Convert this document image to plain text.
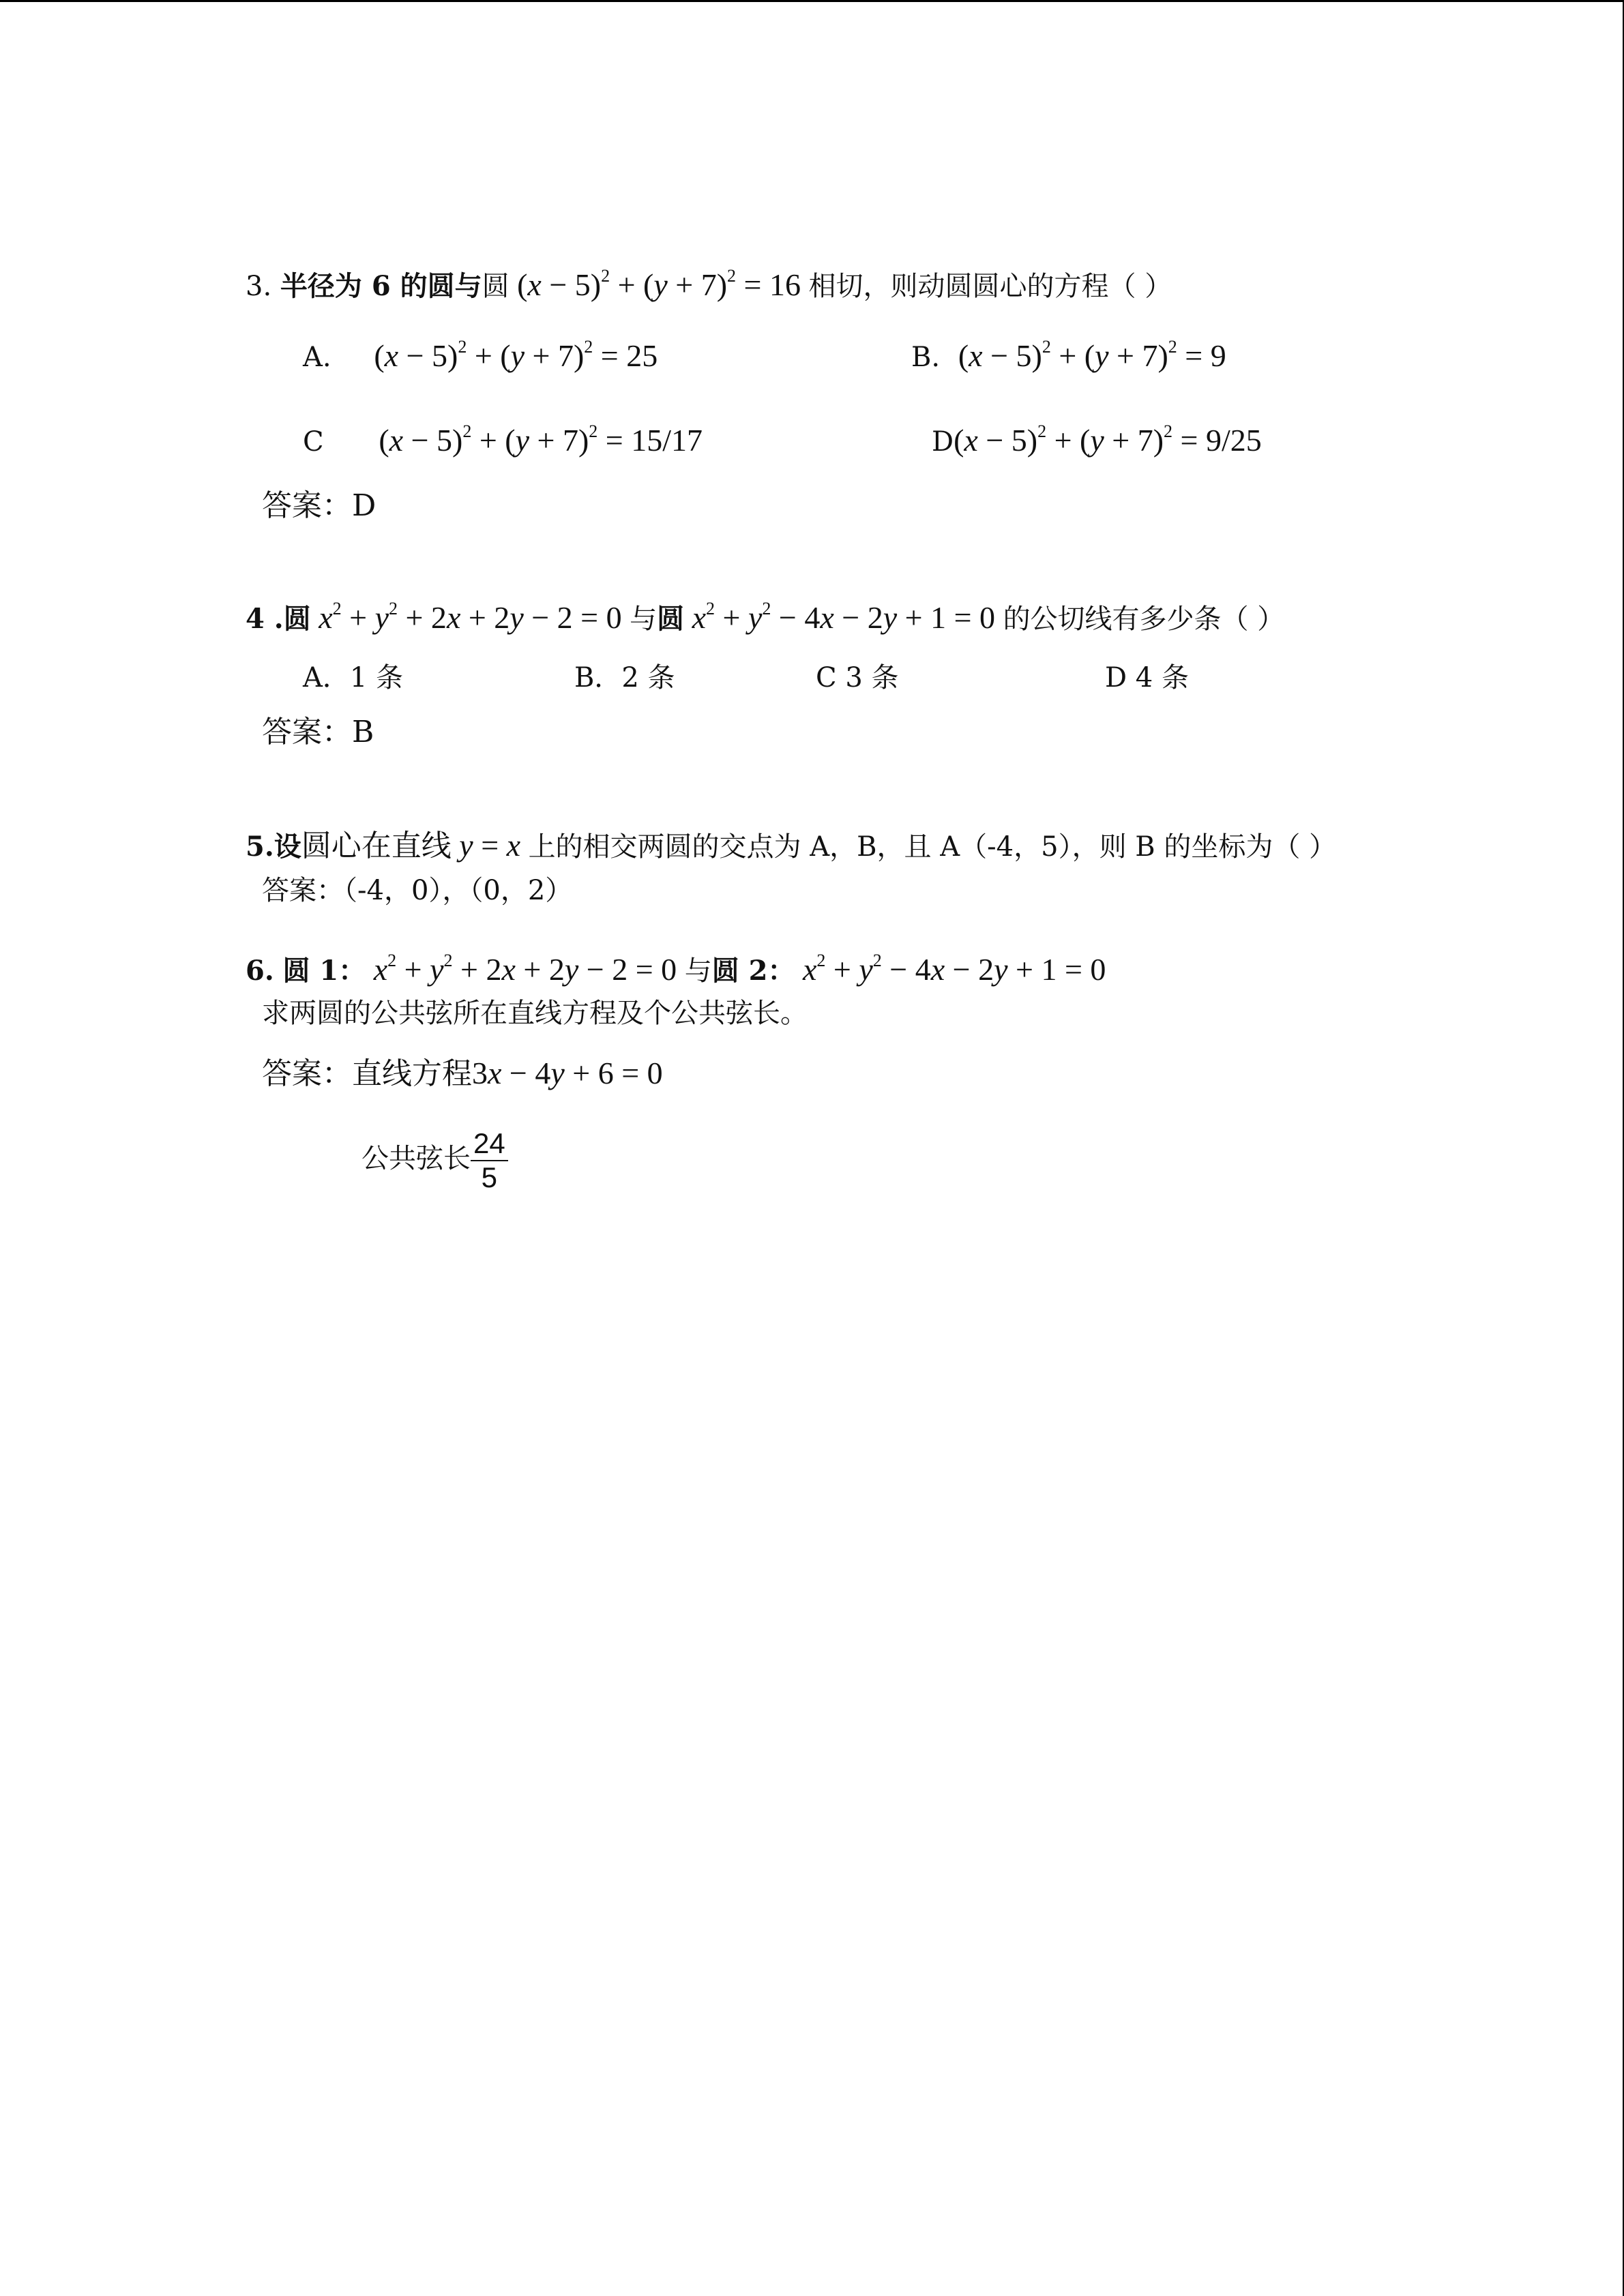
3. 半径为 6 的圆与圆 $(x - 5)^2 + (y + 7)^2 = 16$ 相切，则动圆圆心的方程（ ）
A. $(x - 5)^2 + (y + 7)^2 = 25$	B. $(x - 5)^2 + (y + 7)^2 = 9$
C $(x - 5)^2 + (y + 7)^2 = 15/17$	$D(x - 5)^2 + (y + 7)^2 = 9/25$
答案：D
4 .圆 $x^2 + y^2 + 2x + 2y - 2 = 0$ 与圆 $x^2 + y^2 - 4x - 2y + 1 = 0$ 的公切线有多少条（ ）
A．1 条	B．2 条	C 3 条	D 4 条
答案：B
5.设圆心在直线 y = x 上的相交两圆的交点为 A，B，且 A（-4，5），则 B 的坐标为（ ）
答案：（-4，0），（0，2）
6. 圆 1： $x^2 + y^2 + 2x + 2y - 2 = 0$ 与圆 2： $x^2 + y^2 - 4x - 2y + 1 = 0$
求两圆的公共弦所在直线方程及个公共弦长。
答案：直线方程3x − 4y + 6 = 0
公共弦长 $\frac{24}{5}$
